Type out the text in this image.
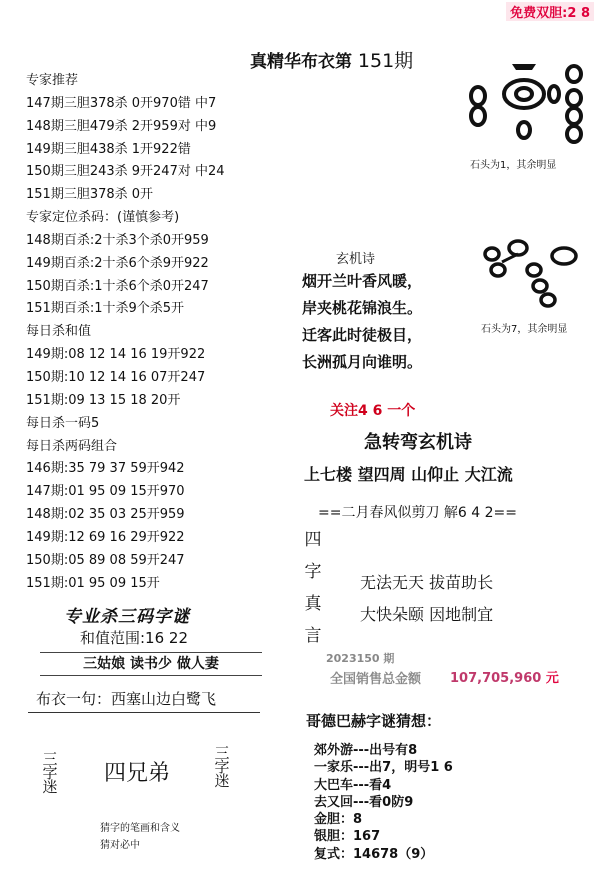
免费双胆:2 8
真精华布衣第 151期
专家推荐
147期三胆378杀 0开970错 中7
148期三胆479杀 2开959对 中9
149期三胆438杀 1开922错
150期三胆243杀 9开247对 中24
151期三胆378杀 0开
专家定位杀码：(谨慎参考)
148期百杀:2十杀3个杀0开959
149期百杀:2十杀6个杀9开922
150期百杀:1十杀6个杀0开247
151期百杀:1十杀9个杀5开
每日杀和值
149期:08 12 14 16 19开922
150期:10 12 14 16 07开247
151期:09 13 15 18 20开
每日杀一码5
每日杀两码组合
146期:35 79 37 59开942
147期:01 95 09 15开970
148期:02 35 03 25开959
149期:12 69 16 29开922
150期:05 89 08 59开247
151期:01 95 09 15开
专业杀三码字谜
和值范围:16 22
三姑娘 读书少 做人妻
布衣一句：西塞山边白鹭飞
三字迷
四兄弟
三字迷
猜字的笔画和含义
猜对必中
石头为1，其余明显
石头为7，其余明显
玄机诗
烟开兰叶香风暖，
岸夹桃花锦浪生。
迁客此时徒极目，
长洲孤月向谁明。
关注4 6 一个
急转弯玄机诗
上七楼 望四周 山仰止 大江流
==二月春风似剪刀 解6 4 2==
四字真言
无法无天 拔苗助长
大快朵颐 因地制宜
2023150 期
全国销售总金额 107,705,960 元
哥德巴赫字谜猜想：
郊外游---出号有8
一家乐---出7，明号1 6
大巴车---看4
去又回---看0防9
金胆：8
银胆：167
复式：14678（9）
